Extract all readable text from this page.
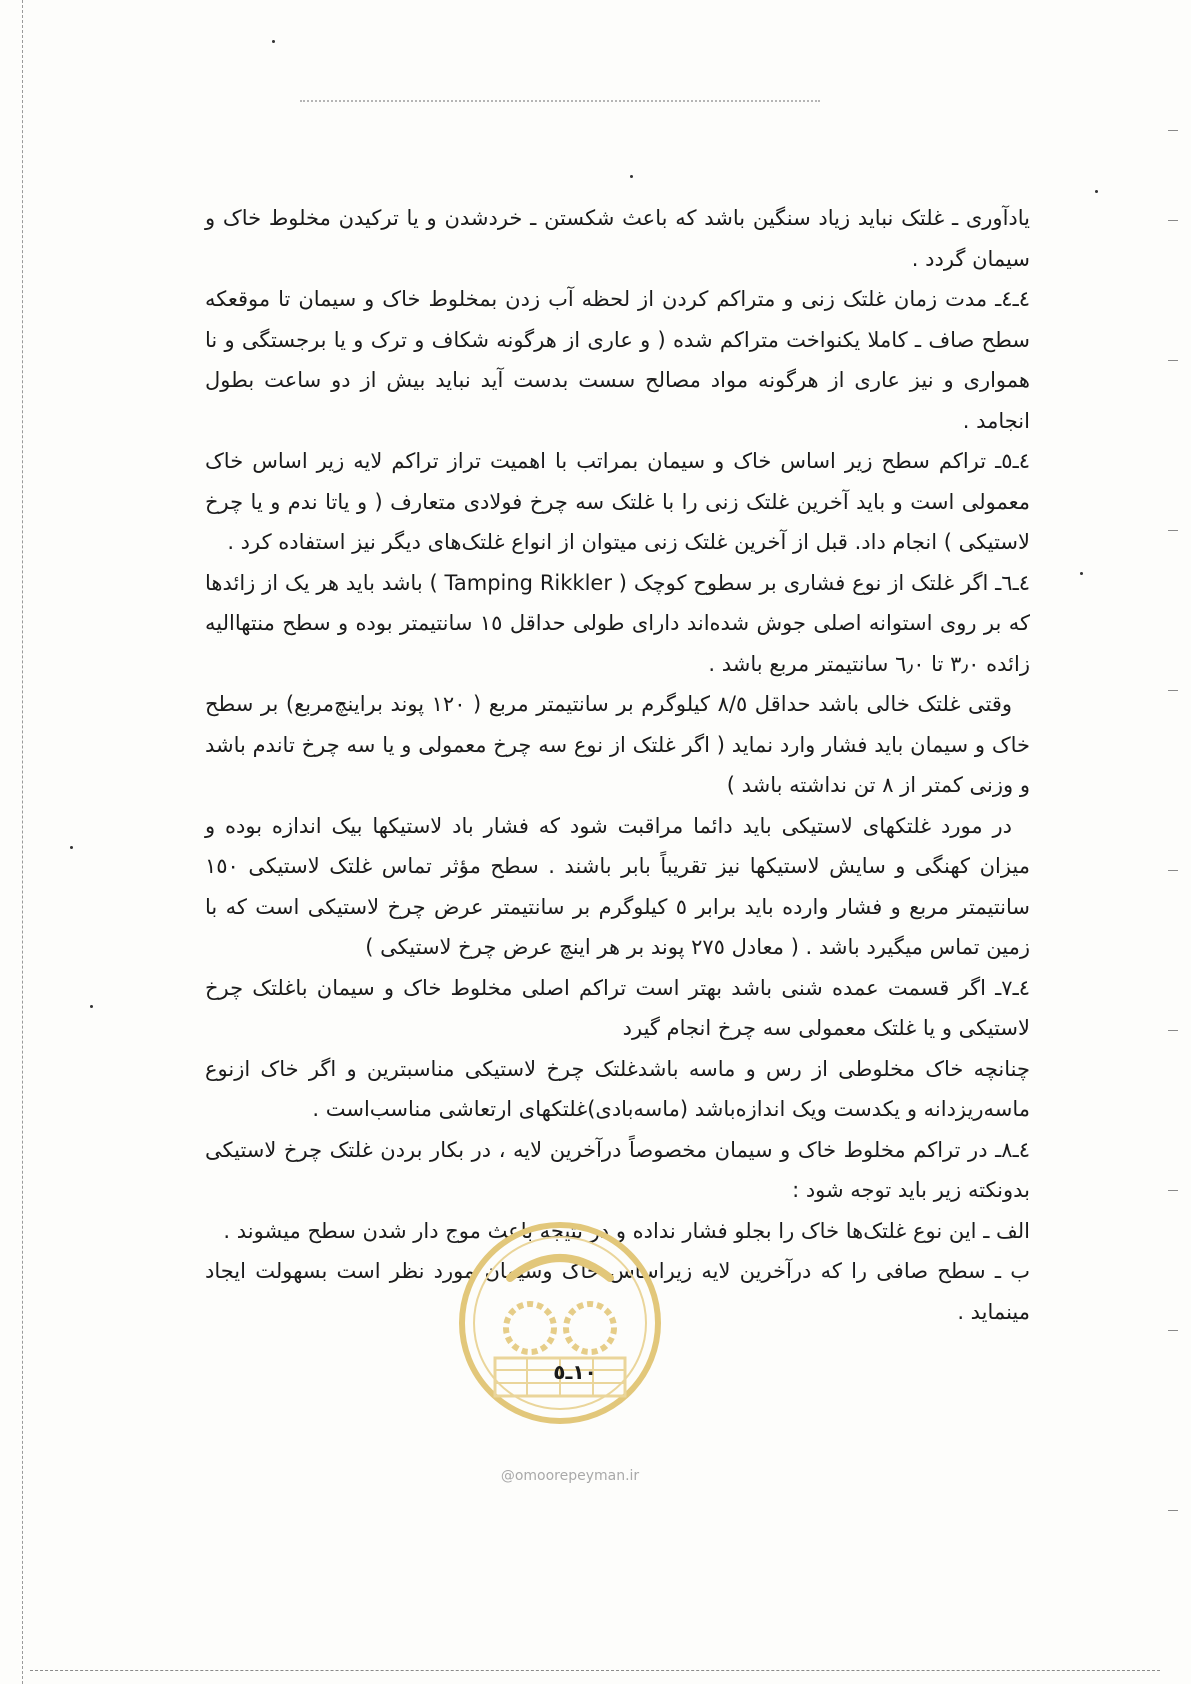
یادآوری ـ غلتک نباید زیاد سنگین باشد که باعث شکستن ـ خردشدن و یا ترکیدن مخلوط خاک و سیمان گردد .

٤ـ٤ـ مدت زمان غلتک زنی و متراکم کردن از لحظه آب زدن بمخلوط خاک و سیمان تا موقعکه سطح صاف ـ کاملا یکنواخت متراکم شده ( و عاری از هرگونه شکاف و ترک و یا برجستگی و نا همواری و نیز عاری از هرگونه مواد مصالح سست بدست آید نباید بیش از دو ساعت بطول انجامد .

٤ـ٥ـ تراکم سطح زیر اساس خاک و سیمان بمراتب با اهمیت تراز تراکم لایه زیر اساس خاک معمولی است و باید آخرین غلتک زنی را با غلتک سه چرخ فولادی متعارف ( و یاتا ندم و یا چرخ لاستیکی ) انجام داد. قبل از آخرین غلتک زنی میتوان از انواع غلتک‌های دیگر نیز استفاده کرد .

٤ـ٦ـ اگر غلتک از نوع فشاری بر سطوح کوچک ( Tamping Rikkler ) باشد باید هر یک از زائدها که بر روی استوانه اصلی جوش شده‌اند دارای طولی حداقل ١٥ سانتیمتر بوده و سطح منتهاالیه زائده ٣٫٠ تا ٦٫٠ سانتیمتر مربع باشد .

وقتی غلتک خالی باشد حداقل ٨/٥ کیلوگرم بر سانتیمتر مربع ( ١٢٠ پوند براینچ‌مربع) بر سطح خاک و سیمان باید فشار وارد نماید ( اگر غلتک از نوع سه چرخ معمولی و یا سه چرخ تاندم باشد و وزنی کمتر از ٨ تن نداشته باشد )

در مورد غلتکهای لاستیکی باید دائما مراقبت شود که فشار باد لاستیکها بیک اندازه بوده و میزان کهنگی و سایش لاستیکها نیز تقریباً بابر باشند . سطح مؤثر تماس غلتک لاستیکی ١٥٠ سانتیمتر مربع و فشار وارده باید برابر ٥ کیلوگرم بر سانتیمتر عرض چرخ لاستیکی است که با زمین تماس میگیرد باشد . ( معادل ٢٧٥ پوند بر هر اینچ عرض چرخ لاستیکی )

٤ـ٧ـ اگر قسمت عمده شنی باشد بهتر است تراکم اصلی مخلوط خاک و سیمان باغلتک چرخ لاستیکی و یا غلتک معمولی سه چرخ انجام گیرد

چنانچه خاک مخلوطی از رس و ماسه باشدغلتک چرخ لاستیکی مناسبترین و اگر خاک ازنوع ماسه‌ریزدانه و یکدست ویک اندازه‌باشد (ماسه‌بادی)غلتکهای ارتعاشی مناسب‌است .

٤ـ٨ـ در تراکم مخلوط خاک و سیمان مخصوصاً درآخرین لایه ، در بکار بردن غلتک چرخ لاستیکی بدونکته زیر باید توجه شود :

الف ـ این نوع غلتک‌ها خاک را بجلو فشار نداده و در نتیجه باعث موج دار شدن سطح میشوند .

ب ـ سطح صافی را که درآخرین لایه زیراساس خاک وسیمان مورد نظر است بسهولت ایجاد مینماید .

١٠ـ٥
@omoorepeyman.ir
